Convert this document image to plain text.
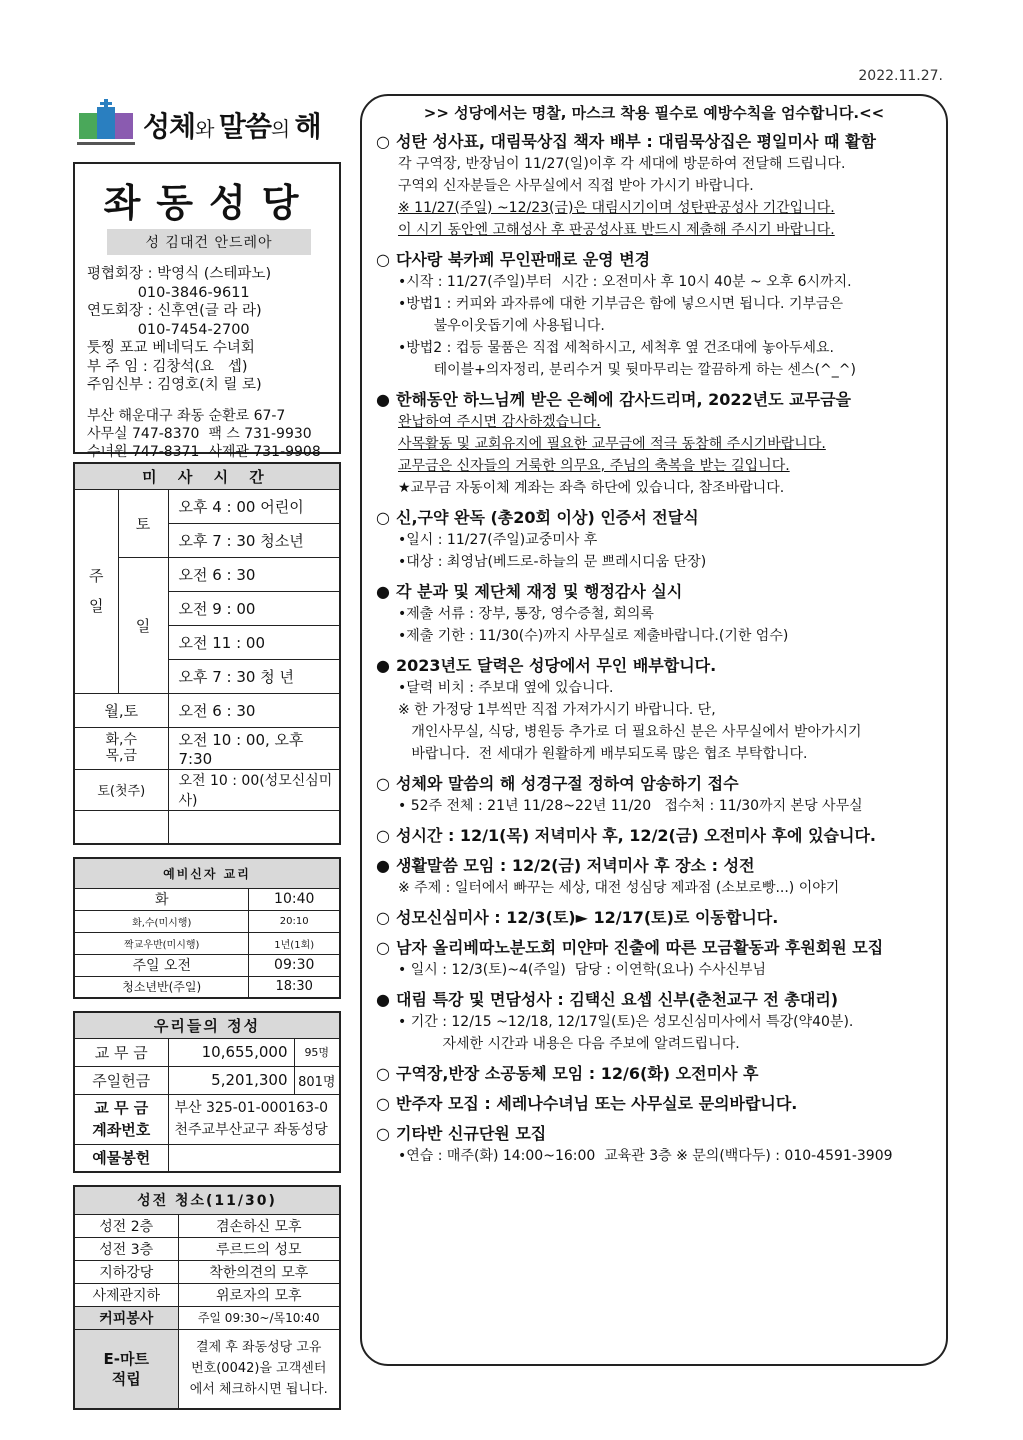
2022.11.27.
성체와 말씀의 해
좌동성당
성 김대건 안드레아
평협회장 : 박영식 (스테파노)
010-3846-9611
연도회장 : 신후연(글 라 라)
010-7454-2700
툿찡 포교 베네딕도 수녀회
부 주 임 : 김창석(요   셉)
주임신부 : 김영호(치 릴 로)
부산 해운대구 좌동 순환로 67-7
사무실 747-8370  팩 스 731-9930
수녀원 747-8371  사제관 731-9908
미 사 시 간		
주
일	토	오후 4 : 00 어린이
		오후 7 : 30 청소년
	일	오전 6 : 30
		오전 9 : 00
		오전 11 : 00
		오후 7 : 30 청 년
월,토		오전 6 : 30
화,수
목,금		오전 10 : 00, 오후 7:30
토(첫주)		오전 10 : 00(성모신심미사)

예비신자 교리	
화	10:40
화,수(미시행)	20:10
짝교우반(미시행)	1년(1회)
주일 오전	09:30
청소년반(주일)	18:30
우리들의 정성		
교 무 금	10,655,000	95명
주일헌금	5,201,300	801명
교 무 금
계좌번호	부산 325-01-000163-0
천주교부산교구 좌동성당	
예물봉헌		
성전 청소(11/30)	
성전 2층	겸손하신 모후
성전 3층	루르드의 성모
지하강당	착한의견의 모후
사제관지하	위로자의 모후
커피봉사	주일 09:30~/목10:40
E-마트
적립	결제 후 좌동성당 고유
번호(0042)을 고객센터
에서 체크하시면 됩니다.
>> 성당에서는 명찰, 마스크 착용 필수로 예방수칙을 엄수합니다.<<
○ 성탄 성사표, 대림묵상집 책자 배부 : 대림묵상집은 평일미사 때 활함
각 구역장, 반장님이 11/27(일)이후 각 세대에 방문하여 전달해 드립니다.
구역외 신자분들은 사무실에서 직접 받아 가시기 바랍니다.
※ 11/27(주일) ~12/23(금)은 대림시기이며 성탄판공성사 기간입니다.
이 시기 동안엔 고해성사 후 판공성사표 반드시 제출해 주시기 바랍니다.
○ 다사랑 북카페 무인판매로 운영 변경
•시작 : 11/27(주일)부터  시간 : 오전미사 후 10시 40분 ~ 오후 6시까지.
•방법1 : 커피와 과자류에 대한 기부금은 함에 넣으시면 됩니다. 기부금은
불우이웃돕기에 사용됩니다.
•방법2 : 컵등 물품은 직접 세척하시고, 세척후 옆 건조대에 놓아두세요.
테이블+의자정리, 분리수거 및 뒷마무리는 깔끔하게 하는 센스(^_^)
● 한해동안 하느님께 받은 은혜에 감사드리며, 2022년도 교무금을
완납하여 주시면 감사하겠습니다.
사목활동 및 교회유지에 필요한 교무금에 적극 동참해 주시기바랍니다.
교무금은 신자들의 거룩한 의무요, 주님의 축복을 받는 길입니다.
★교무금 자동이체 계좌는 좌측 하단에 있습니다, 참조바랍니다.
○ 신,구약 완독 (총20회 이상) 인증서 전달식
•일시 : 11/27(주일)교중미사 후
•대상 : 최영남(베드로-하늘의 문 쁘레시디움 단장)
● 각 분과 및 제단체 재정 및 행정감사 실시
•제출 서류 : 장부, 통장, 영수증철, 회의록
•제출 기한 : 11/30(수)까지 사무실로 제출바랍니다.(기한 엄수)
● 2023년도 달력은 성당에서 무인 배부합니다.
•달력 비치 : 주보대 옆에 있습니다.
※ 한 가정당 1부씩만 직접 가져가시기 바랍니다. 단,
개인사무실, 식당, 병원등 추가로 더 필요하신 분은 사무실에서 받아가시기
바랍니다.  전 세대가 원활하게 배부되도록 많은 협조 부탁합니다.
○ 성체와 말씀의 해 성경구절 정하여 암송하기 접수
• 52주 전체 : 21년 11/28~22년 11/20   접수처 : 11/30까지 본당 사무실
○ 성시간 : 12/1(목) 저녁미사 후, 12/2(금) 오전미사 후에 있습니다.
● 생활말씀 모임 : 12/2(금) 저녁미사 후 장소 : 성전
※ 주제 : 일터에서 빠꾸는 세상, 대전 성심당 제과점 (소보로빵...) 이야기
○ 성모신심미사 : 12/3(토)► 12/17(토)로 이동합니다.
○ 남자 올리베따노분도회 미얀마 진출에 따른 모금활동과 후원회원 모집
• 일시 : 12/3(토)~4(주일)  담당 : 이연학(요나) 수사신부님
● 대림 특강 및 면담성사 : 김택신 요셉 신부(춘천교구 전 총대리)
• 기간 : 12/15 ~12/18, 12/17일(토)은 성모신심미사에서 특강(약40분).
자세한 시간과 내용은 다음 주보에 알려드립니다.
○ 구역장,반장 소공동체 모임 : 12/6(화) 오전미사 후
○ 반주자 모집 : 세레나수녀님 또는 사무실로 문의바랍니다.
○ 기타반 신규단원 모집
•연습 : 매주(화) 14:00~16:00  교육관 3층 ※ 문의(백다두) : 010-4591-3909
